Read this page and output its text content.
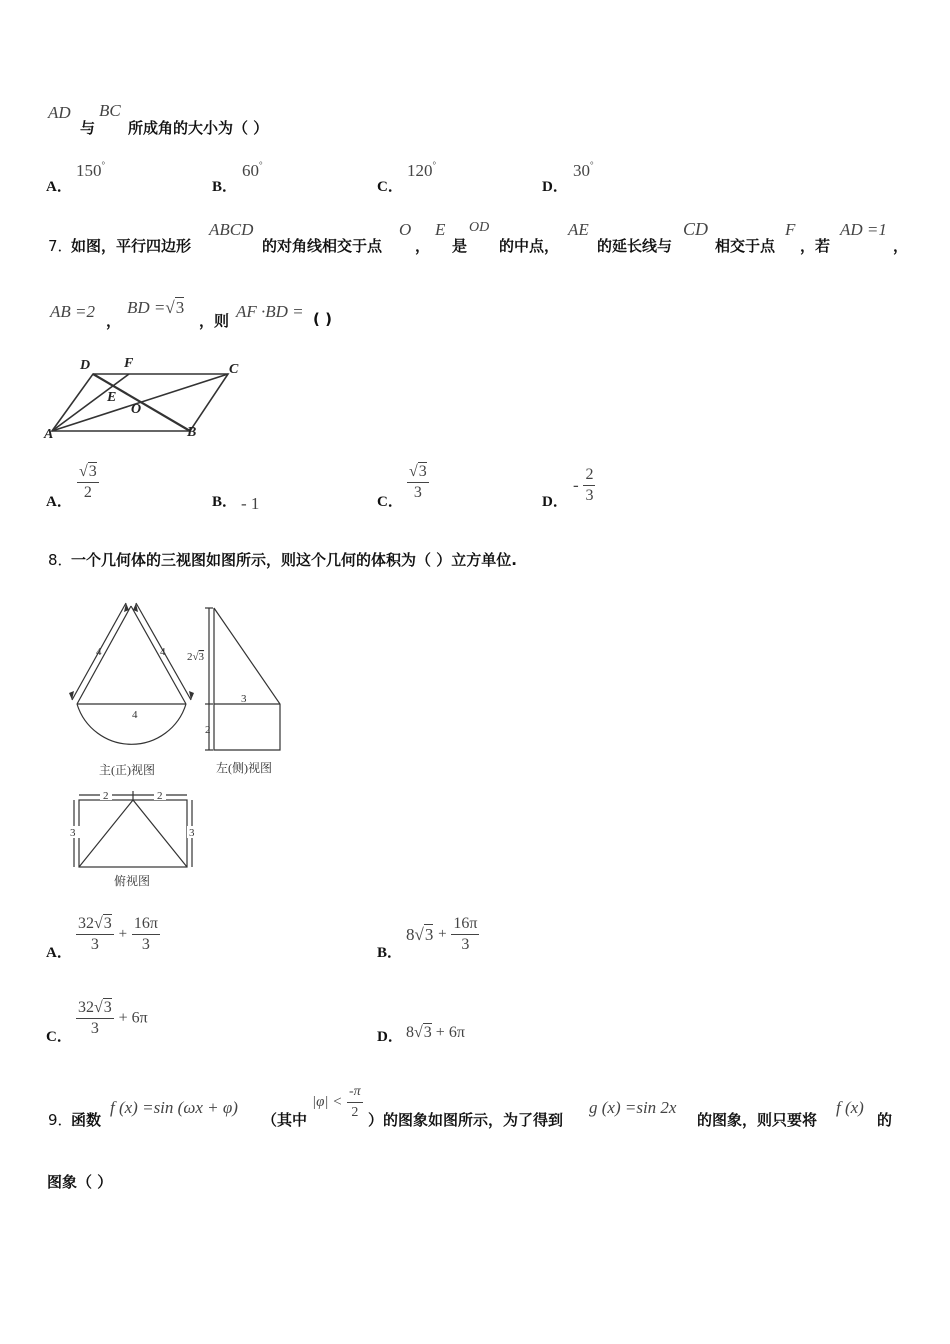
AD
与
BC
所成角的大小为（ ）
A．
150°
B．
60°
C．
120°
D．
30°
7．
如图，平行四边形
ABCD
的对角线相交于点
O
，
E
是
OD
的中点，
AE
的延长线与
CD
相交于点
F
，若
AD =1
，
AB =2 ，
BD =√3
，则 AF ·BD = ( )
D F	C
E
O
A	B
A． $\frac{√3}{2}$	B． - 1	C． $\frac{√3}{3}$	D．
- $\frac{2}{3}$
8．
一个几何体的三视图如图所示，则这个几何的体积为（ ）立方单位.
4	4
4
主(正)视图
2√3
3
2
左(侧)视图
2	2
3	3
俯视图
A． $\frac{32√3}{3} + \frac{16\pi}{3}$	B．
$8√3 + \frac{16\pi}{3}$
C． $\frac{32√3}{3} + 6\pi$
D． 8√3 + 6π
9．
函数
f (x) =sin (ωx + φ)
（其中
$|\varphi| < \frac{-\pi}{2}$ ）的图象如图所示，为了得到
g (x) =sin 2x
的图象，则只要将
f (x)
的
图象（ ）
